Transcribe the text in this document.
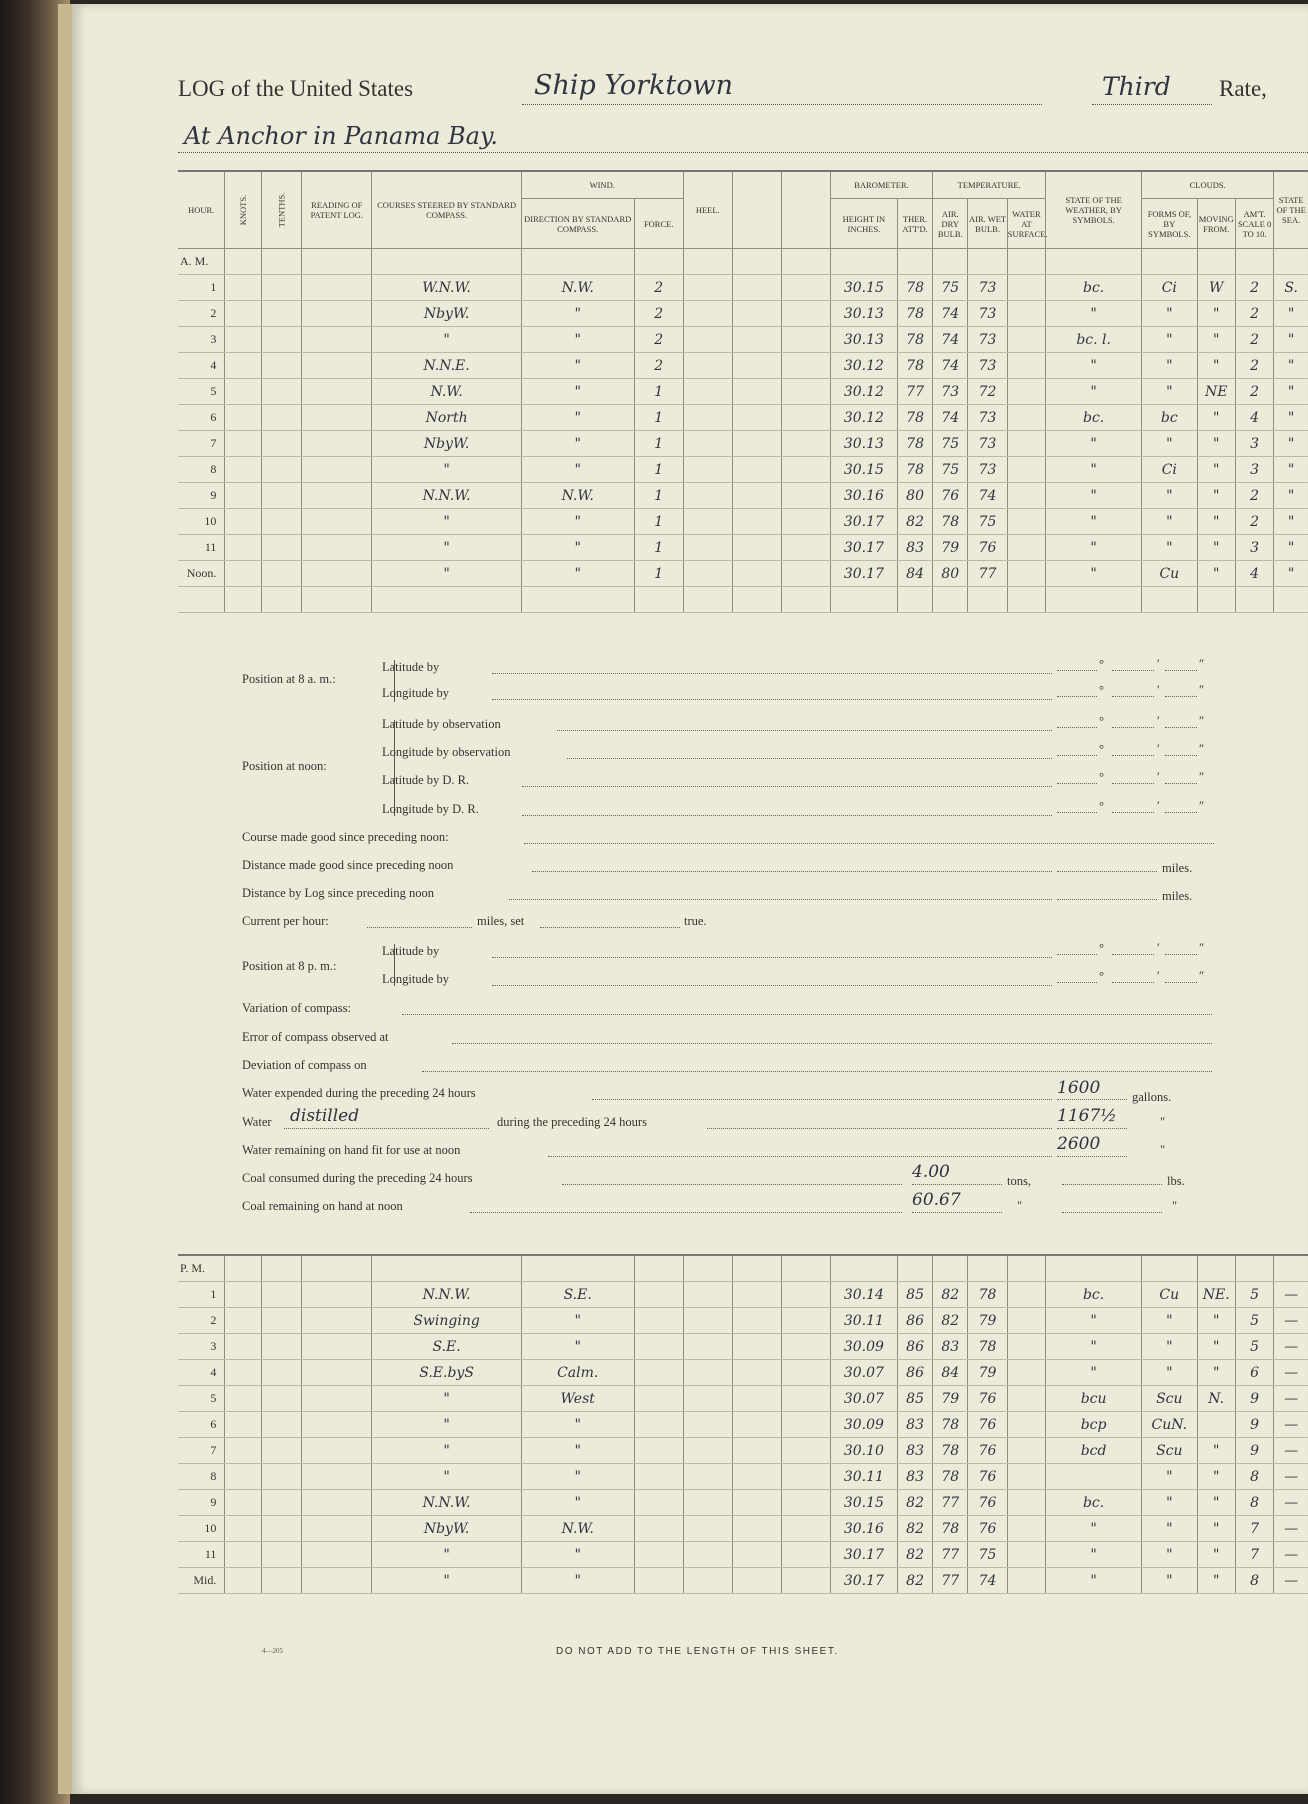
LOG of the United States	Ship Yorktown	Third Rate,
At Anchor in Panama Bay.
HOUR.	KNOTS.	TENTHS.	READING OF PATENT LOG.	COURSES STEERED BY STANDARD COMPASS.	WIND.		HEEL.			BAROMETER.		TEMPERATURE.			STATE OF THE WEATHER, BY SYMBOLS.	CLOUDS.			STATE OF THE SEA.
					DIRECTION BY STANDARD COMPASS.	FORCE.				HEIGHT IN INCHES.	THER. ATT'D.	AIR. DRY BULB.	AIR. WET BULB.	WATER AT SURFACE.		FORMS OF, BY SYMBOLS.	MOVING FROM.	AM'T. SCALE 0 TO 10.	
A. M.																			
1				W.N.W.	N.W.	2				30.15	78	75	73		bc.	Ci	W	2	S.
2				NbyW.	"	2				30.13	78	74	73		"	"	"	2	"
3				"	"	2				30.13	78	74	73		bc. l.	"	"	2	"
4				N.N.E.	"	2				30.12	78	74	73		"	"	"	2	"
5				N.W.	"	1				30.12	77	73	72		"	"	NE	2	"
6				North	"	1				30.12	78	74	73		bc.	bc	"	4	"
7				NbyW.	"	1				30.13	78	75	73		"	"	"	3	"
8				"	"	1				30.15	78	75	73		"	Ci	"	3	"
9				N.N.W.	N.W.	1				30.16	80	76	74		"	"	"	2	"
10				"	"	1				30.17	82	78	75		"	"	"	2	"
11				"	"	1				30.17	83	79	76		"	"	"	3	"
Noon.				"	"	1				30.17	84	80	77		"	Cu	"	4	"

Position at 8 a. m.:
Latitude by	°	′	″
Longitude by	°	′	″
Position at noon:
Latitude by observation	°	′	″
Longitude by observation	°	′	″
Latitude by D. R.	°	′	″
Longitude by D. R.	°	′	″
Course made good since preceding noon:
Distance made good since preceding noon	miles.
Distance by Log since preceding noon	miles.
Current per hour:	miles, set	true.
Position at 8 p. m.:
Latitude by	°	′	″
Longitude by	°	′	″
Variation of compass:
Error of compass observed at
Deviation of compass on
Water expended during the preceding 24 hours	1600	gallons.
Water distilled	during the preceding 24 hours	1167½	"
Water remaining on hand fit for use at noon	2600	"
Coal consumed during the preceding 24 hours	4.00	tons,	lbs.
Coal remaining on hand at noon	60.67	"	"
P. M.																			
1				N.N.W.	S.E.					30.14	85	82	78		bc.	Cu	NE.	5	—
2				Swinging	"					30.11	86	82	79		"	"	"	5	—
3				S.E.	"					30.09	86	83	78		"	"	"	5	—
4				S.E.byS	Calm.					30.07	86	84	79		"	"	"	6	—
5				"	West					30.07	85	79	76		bcu	Scu	N.	9	—
6				"	"					30.09	83	78	76		bcp	CuN.		9	—
7				"	"					30.10	83	78	76		bcd	Scu	"	9	—
8				"	"					30.11	83	78	76			"	"	8	—
9				N.N.W.	"					30.15	82	77	76		bc.	"	"	8	—
10				NbyW.	N.W.					30.16	82	78	76		"	"	"	7	—
11				"	"					30.17	82	77	75		"	"	"	7	—
Mid.				"	"					30.17	82	77	74		"	"	"	8	—
4—205	DO NOT ADD TO THE LENGTH OF THIS SHEET.
